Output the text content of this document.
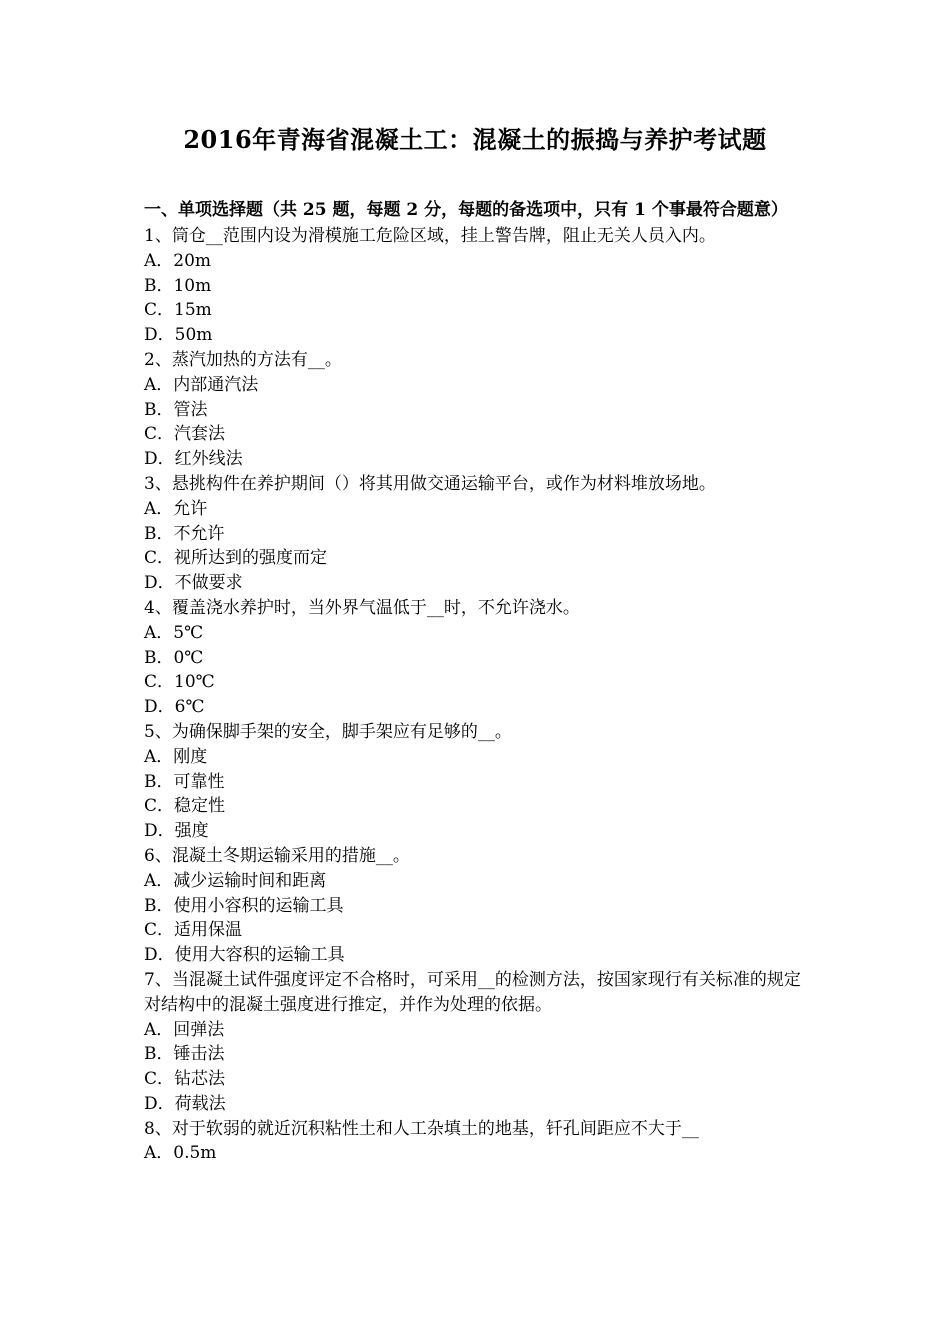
2016年青海省混凝土工：混凝土的振捣与养护考试题
一、单项选择题（共 25 题，每题 2 分，每题的备选项中，只有 1 个事最符合题意）
1、筒仓__范围内设为滑模施工危险区域，挂上警告牌，阻止无关人员入内。
A．20m
B．10m
C．15m
D．50m
2、蒸汽加热的方法有__。
A．内部通汽法
B．管法
C．汽套法
D．红外线法
3、悬挑构件在养护期间（）将其用做交通运输平台，或作为材料堆放场地。
A．允许
B．不允许
C．视所达到的强度而定
D．不做要求
4、覆盖浇水养护时，当外界气温低于__时，不允许浇水。
A．5℃
B．0℃
C．10℃
D．6℃
5、为确保脚手架的安全，脚手架应有足够的__。
A．刚度
B．可靠性
C．稳定性
D．强度
6、混凝土冬期运输采用的措施__。
A．减少运输时间和距离
B．使用小容积的运输工具
C．适用保温
D．使用大容积的运输工具
7、当混凝土试件强度评定不合格时，可采用__的检测方法，按国家现行有关标准的规定对结构中的混凝土强度进行推定，并作为处理的依据。
A．回弹法
B．锤击法
C．钻芯法
D．荷载法
8、对于软弱的就近沉积粘性土和人工杂填土的地基，钎孔间距应不大于__
A．0.5m
